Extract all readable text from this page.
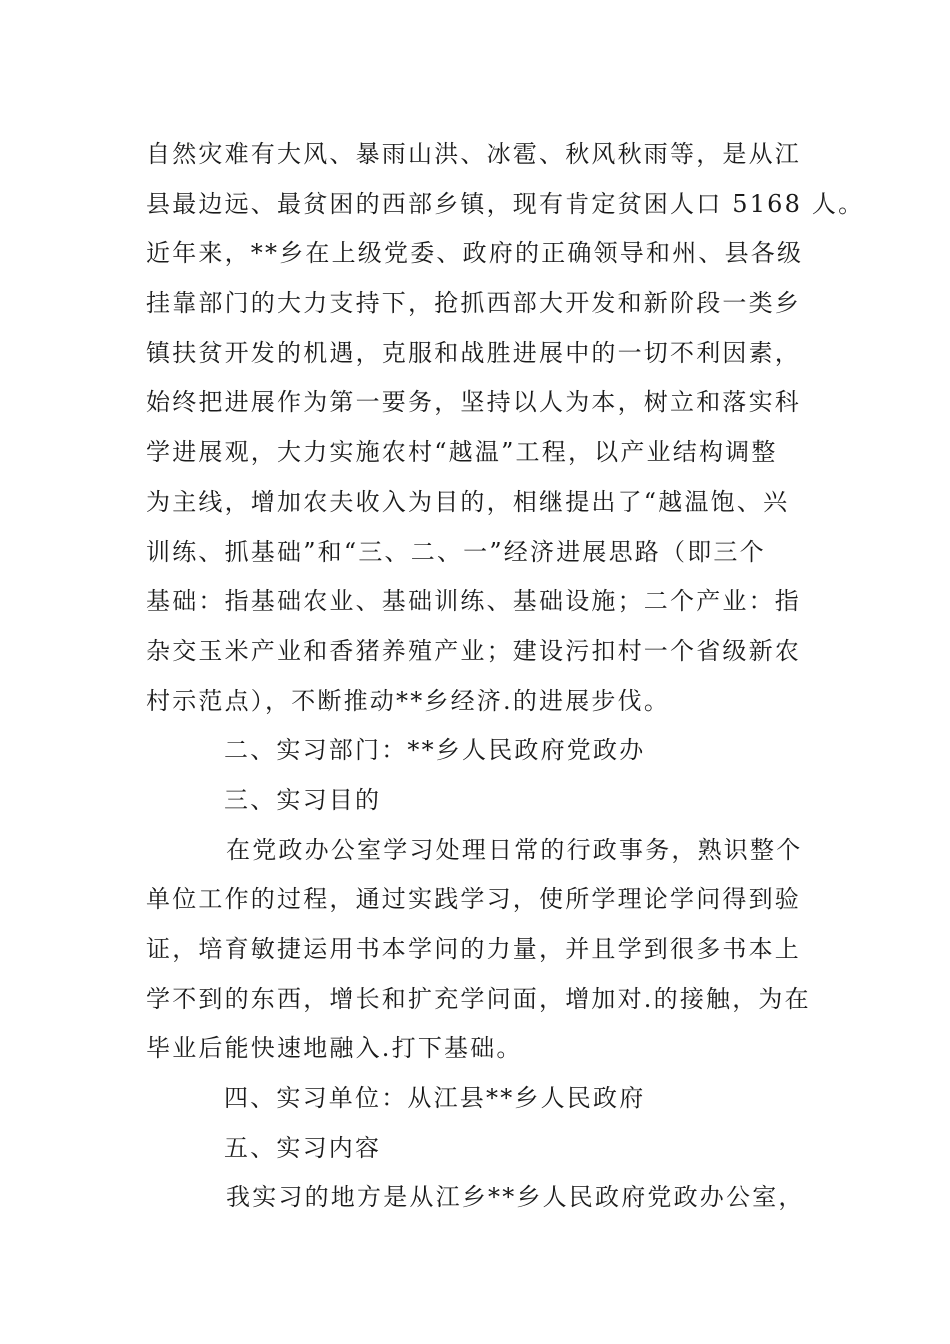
自然灾难有大风、暴雨山洪、冰雹、秋风秋雨等，是从江
县最边远、最贫困的西部乡镇，现有肯定贫困人口 5168 人。
近年来，**乡在上级党委、政府的正确领导和州、县各级
挂靠部门的大力支持下，抢抓西部大开发和新阶段一类乡
镇扶贫开发的机遇，克服和战胜进展中的一切不利因素，
始终把进展作为第一要务，坚持以人为本，树立和落实科
学进展观，大力实施农村“越温”工程，以产业结构调整
为主线，增加农夫收入为目的，相继提出了“越温饱、兴
训练、抓基础”和“三、二、一”经济进展思路（即三个
基础：指基础农业、基础训练、基础设施；二个产业：指
杂交玉米产业和香猪养殖产业；建设污扣村一个省级新农
村示范点），不断推动**乡经济.的进展步伐。
二、实习部门：**乡人民政府党政办
三、实习目的
在党政办公室学习处理日常的行政事务，熟识整个
单位工作的过程，通过实践学习，使所学理论学问得到验
证，培育敏捷运用书本学问的力量，并且学到很多书本上
学不到的东西，增长和扩充学问面，增加对.的接触，为在
毕业后能快速地融入.打下基础。
四、实习单位：从江县**乡人民政府
五、实习内容
我实习的地方是从江乡**乡人民政府党政办公室，
